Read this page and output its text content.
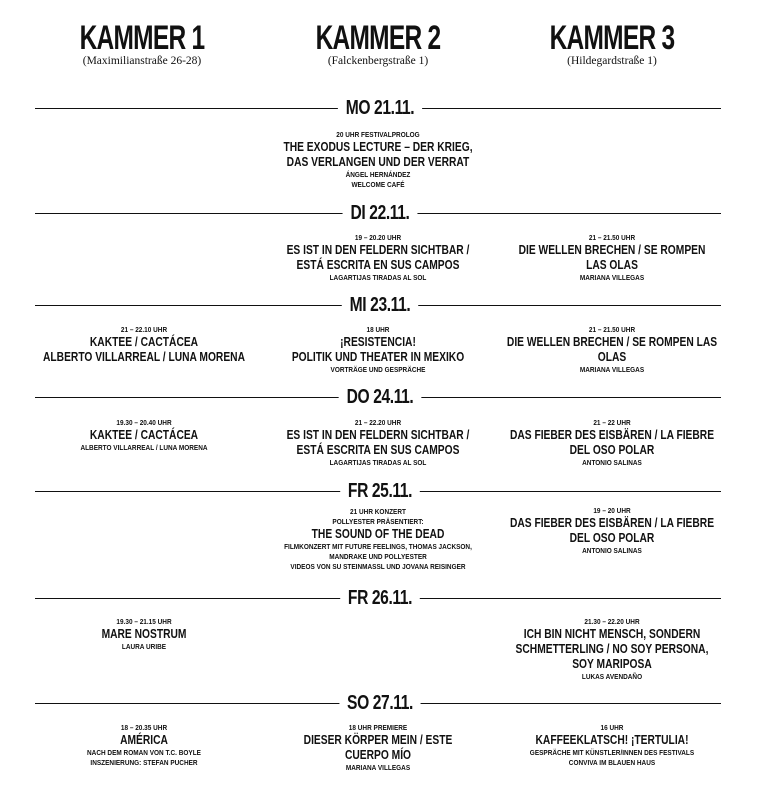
KAMMER 1
(Maximilianstraße 26-28)
KAMMER 2
(Falckenbergstraße 1)
KAMMER 3
(Hildegardstraße 1)
MO 21.11.
DI 22.11.
MI 23.11.
DO 24.11.
FR 25.11.
FR 26.11.
SO 27.11.
20 UHR FESTIVALPROLOG
THE EXODUS LECTURE – DER KRIEG,
DAS VERLANGEN UND DER VERRAT
ÁNGEL HERNÁNDEZ
WELCOME CAFÉ
19 – 20.20 UHR
ES IST IN DEN FELDERN SICHTBAR /
ESTÁ ESCRITA EN SUS CAMPOS
LAGARTIJAS TIRADAS AL SOL
21 – 21.50 UHR
DIE WELLEN BRECHEN / SE ROMPEN
LAS OLAS
MARIANA VILLEGAS
21 – 22.10 UHR
KAKTEE / CACTÁCEA
ALBERTO VILLARREAL / LUNA MORENA
18 UHR
¡RESISTENCIA!
POLITIK UND THEATER IN MEXIKO
VORTRÄGE UND GESPRÄCHE
21 – 21.50 UHR
DIE WELLEN BRECHEN / SE ROMPEN LAS
OLAS
MARIANA VILLEGAS
19.30 – 20.40 UHR
KAKTEE / CACTÁCEA
ALBERTO VILLARREAL / LUNA MORENA
21 – 22.20 UHR
ES IST IN DEN FELDERN SICHTBAR /
ESTÁ ESCRITA EN SUS CAMPOS
LAGARTIJAS TIRADAS AL SOL
21 – 22 UHR
DAS FIEBER DES EISBÄREN / LA FIEBRE
DEL OSO POLAR
ANTONIO SALINAS
21 UHR KONZERT
POLLYESTER PRÄSENTIERT:
THE SOUND OF THE DEAD
FILMKONZERT MIT FUTURE FEELINGS, THOMAS JACKSON,
MANDRAKE UND POLLYESTER
VIDEOS VON SU STEINMASSL UND JOVANA REISINGER
19 – 20 UHR
DAS FIEBER DES EISBÄREN / LA FIEBRE
DEL OSO POLAR
ANTONIO SALINAS
19.30 – 21.15 UHR
MARE NOSTRUM
LAURA URIBE
21.30 – 22.20 UHR
ICH BIN NICHT MENSCH, SONDERN
SCHMETTERLING / NO SOY PERSONA,
SOY MARIPOSA
LUKAS AVENDAÑO
18 – 20.35 UHR
AMÉRICA
NACH DEM ROMAN VON T.C. BOYLE
INSZENIERUNG: STEFAN PUCHER
18 UHR PREMIERE
DIESER KÖRPER MEIN / ESTE
CUERPO MÍO
MARIANA VILLEGAS
16 UHR
KAFFEEKLATSCH! ¡TERTULIA!
GESPRÄCHE MIT KÜNSTLER/INNEN DES FESTIVALS
CONVIVA IM BLAUEN HAUS
